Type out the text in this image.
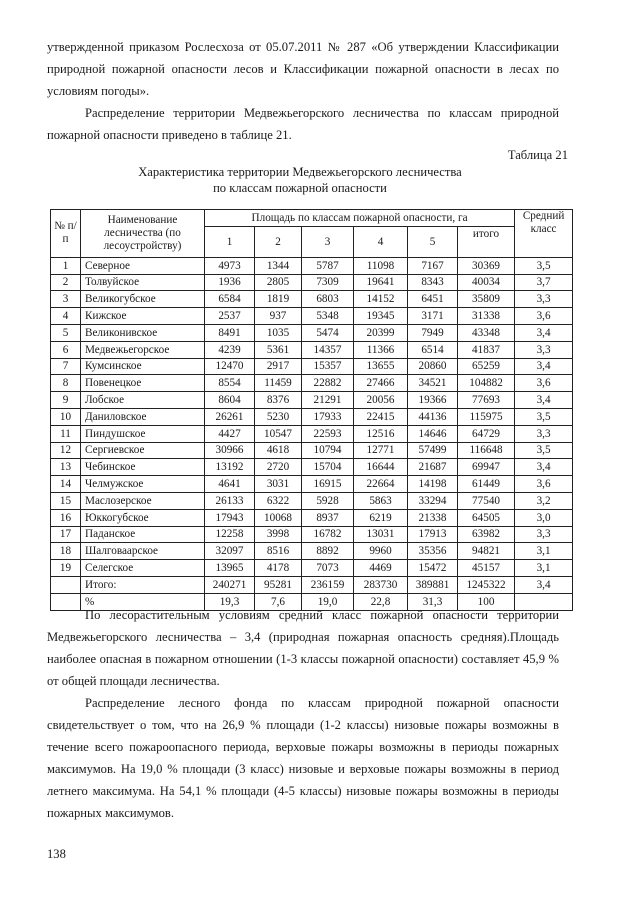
утвержденной приказом Рослесхоза от 05.07.2011 № 287 «Об утверждении Классификации природной пожарной опасности лесов и Классификации пожарной опасности в лесах по условиям погоды».

Распределение территории Медвежьегорского лесничества по классам природной пожарной опасности приведено в таблице 21.

Таблица 21
Характеристика территории Медвежьегорского лесничества
по классам пожарной опасности
№ п/п	Наименование лесничества (по лесоустройству)	Площадь по классам пожарной опасности, га						Средний класс
		1	2	3	4	5	итого	
1	Северное	4973	1344	5787	11098	7167	30369	3,5
2	Толвуйское	1936	2805	7309	19641	8343	40034	3,7
3	Великогубское	6584	1819	6803	14152	6451	35809	3,3
4	Кижское	2537	937	5348	19345	3171	31338	3,6
5	Великонивское	8491	1035	5474	20399	7949	43348	3,4
6	Медвежьегорское	4239	5361	14357	11366	6514	41837	3,3
7	Кумсинское	12470	2917	15357	13655	20860	65259	3,4
8	Повенецкое	8554	11459	22882	27466	34521	104882	3,6
9	Лобское	8604	8376	21291	20056	19366	77693	3,4
10	Даниловское	26261	5230	17933	22415	44136	115975	3,5
11	Пиндушское	4427	10547	22593	12516	14646	64729	3,3
12	Сергиевское	30966	4618	10794	12771	57499	116648	3,5
13	Чебинское	13192	2720	15704	16644	21687	69947	3,4
14	Челмужское	4641	3031	16915	22664	14198	61449	3,6
15	Маслозерское	26133	6322	5928	5863	33294	77540	3,2
16	Юккогубское	17943	10068	8937	6219	21338	64505	3,0
17	Паданское	12258	3998	16782	13031	17913	63982	3,3
18	Шалговаарское	32097	8516	8892	9960	35356	94821	3,1
19	Селегское	13965	4178	7073	4469	15472	45157	3,1
	Итого:	240271	95281	236159	283730	389881	1245322	3,4
	%	19,3	7,6	19,0	22,8	31,3	100	

По лесорастительным условиям средний класс пожарной опасности территории Медвежьегорского лесничества – 3,4 (природная пожарная опасность средняя).Площадь наиболее опасная в пожарном отношении (1-3 классы пожарной опасности) составляет 45,9 % от общей площади лесничества.

Распределение лесного фонда по классам природной пожарной опасности свидетельствует о том, что на 26,9 % площади (1-2 классы) низовые пожары возможны в течение всего пожароопасного периода, верховые пожары возможны в периоды пожарных максимумов. На 19,0 % площади (3 класс) низовые и верховые пожары возможны в период летнего максимума. На 54,1 % площади (4-5 классы) низовые пожары возможны в периоды пожарных максимумов.

138
